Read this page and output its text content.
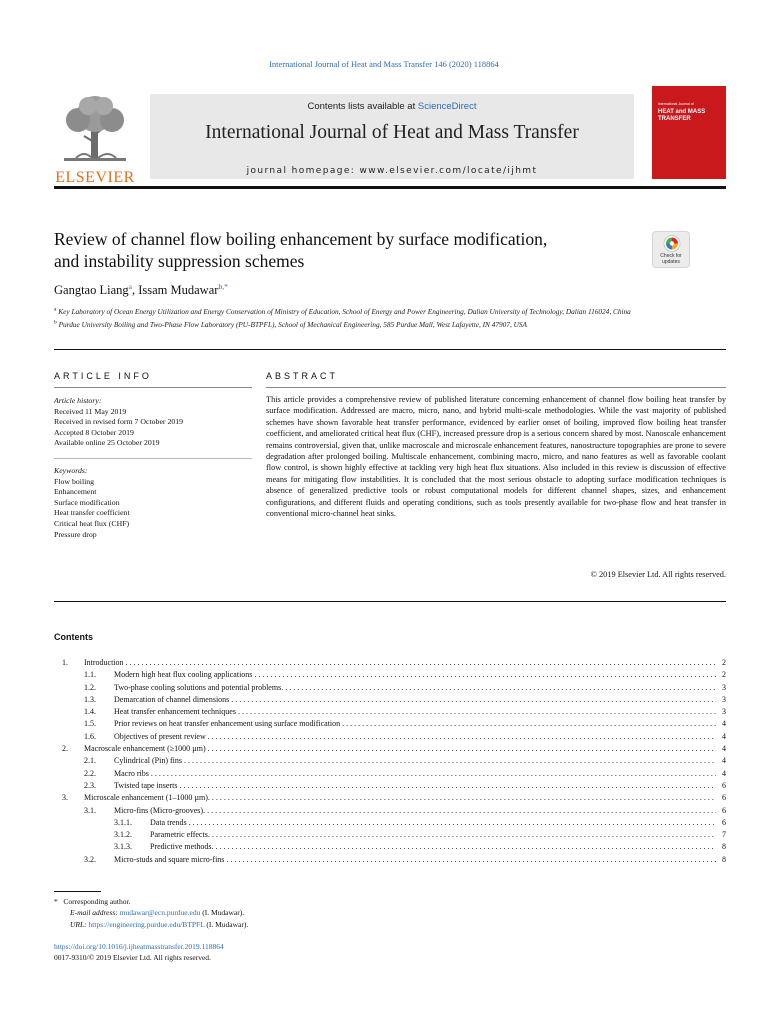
International Journal of Heat and Mass Transfer 146 (2020) 118864
ELSEVIER
Contents lists available at ScienceDirect
International Journal of Heat and Mass Transfer
journal homepage: www.elsevier.com/locate/ijhmt
International Journal of
HEAT and MASS
TRANSFER
Review of channel flow boiling enhancement by surface modification,
and instability suppression schemes	Check for
updates
Gangtao Liang$^a$, Issam Mudawar$^{b,*}$

$^a$ Key Laboratory of Ocean Energy Utilization and Energy Conservation of Ministry of Education, School of Energy and Power Engineering, Dalian University of Technology, Dalian 116024, China

$^b$ Purdue University Boiling and Two-Phase Flow Laboratory (PU-BTPFL), School of Mechanical Engineering, 585 Purdue Mall, West Lafayette, IN 47907, USA

ARTICLE INFO	ABSTRACT
Article history:
Received 11 May 2019
Received in revised form 7 October 2019
Accepted 8 October 2019
Available online 25 October 2019
Keywords:
Flow boiling
Enhancement
Surface modification
Heat transfer coefficient
Critical heat flux (CHF)
Pressure drop
This article provides a comprehensive review of published literature concerning enhancement of channel flow boiling heat transfer by surface modification. Addressed are macro, micro, nano, and hybrid multi-scale methodologies. While the vast majority of published schemes have shown favorable heat transfer performance, evidenced by earlier onset of boiling, improved flow boiling heat transfer coefficient, and ameliorated critical heat flux (CHF), increased pressure drop is a serious concern shared by most. Nanoscale enhancement remains controversial, given that, unlike macroscale and microscale enhancement features, nanostructure topographies are prone to severe degradation after prolonged boiling. Multiscale enhancement, combining macro, micro, and nano features as well as favorable coolant flow control, is shown highly effective at tackling very high heat flux situations. Also included in this review is discussion of effective means for mitigating flow instabilities. It is concluded that the most serious obstacle to adopting surface modification techniques is absence of generalized predictive tools or robust computational models for different channel shapes, sizes, and enhancement configurations, and different fluids and operating conditions, such as tools presently available for two-phase flow and heat transfer in conventional micro-channel heat sinks.
© 2019 Elsevier Ltd. All rights reserved.
Contents
1. Introduction . . .	2
1.1. Modern high heat flux cooling applications . . .	2
1.2. Two-phase cooling solutions and potential problems. . . .	3
1.3. Demarcation of channel dimensions . . .	3
1.4. Heat transfer enhancement techniques . . .	3
1.5. Prior reviews on heat transfer enhancement using surface modification . . .	4
1.6. Objectives of present review . . .	4
2. Macroscale enhancement (≥1000 µm) . . .	4
2.1. Cylindrical (Pin) fins . . .	4
2.2. Macro ribs . . .	4
2.3. Twisted tape inserts . . .	6
3. Microscale enhancement (1–1000 µm). . . .	6
3.1. Micro-fins (Micro-grooves). . . .	6
3.1.1. Data trends . . .	6
3.1.2. Parametric effects. . . .	7
3.1.3. Predictive methods. . . .	8
3.2. Micro-studs and square micro-fins . . .	8
* Corresponding author.
E-mail address: mudawar@ecn.purdue.edu (I. Mudawar).
URL: https://engineering.purdue.edu/BTPFL (I. Mudawar).
https://doi.org/10.1016/j.ijheatmasstransfer.2019.118864
0017-9310/© 2019 Elsevier Ltd. All rights reserved.
